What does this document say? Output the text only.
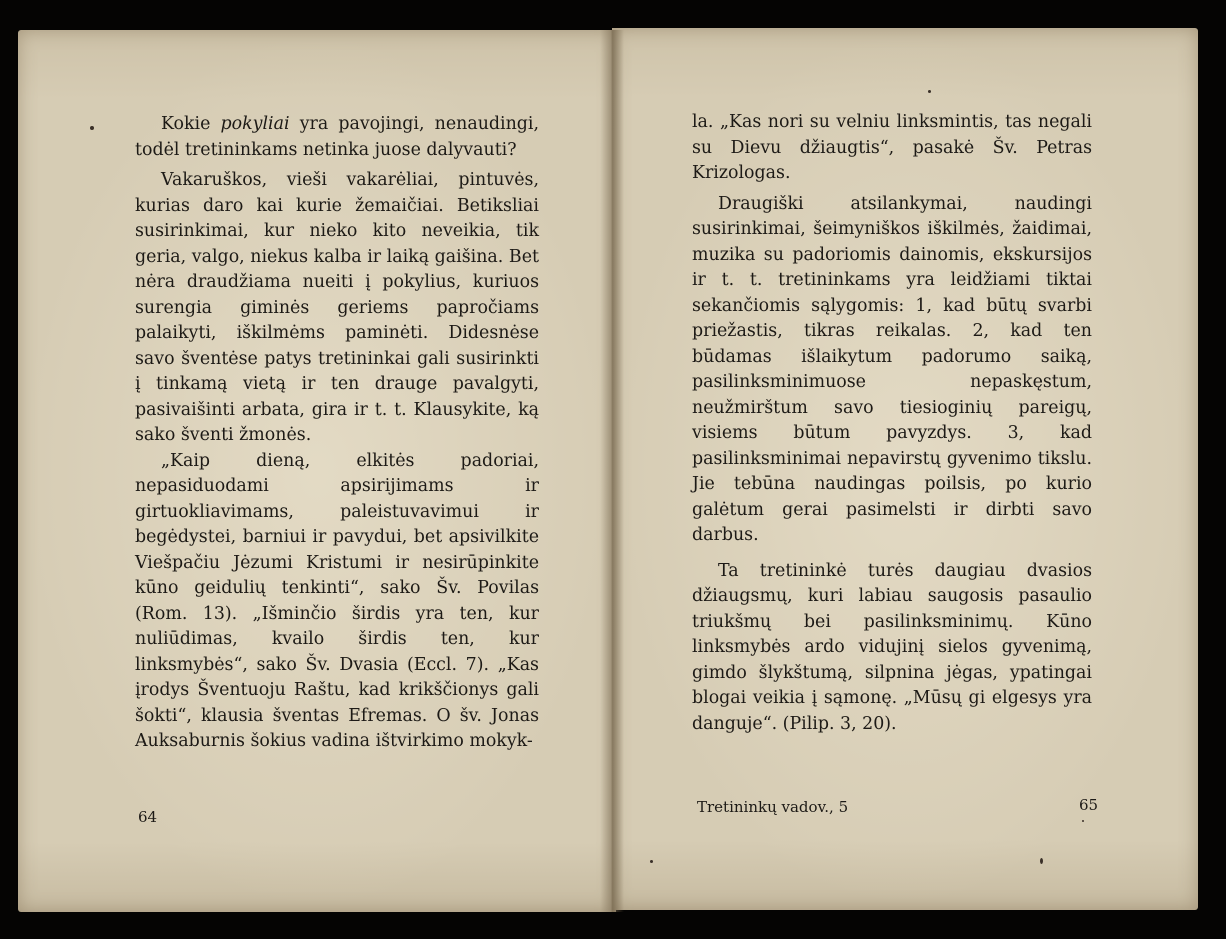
Kokie pokyliai yra pavojingi, nenaudingi, todėl tretininkams netinka juose dalyvauti?

Vakaruškos, vieši vakarėliai, pintuvės, kurias daro kai kurie žemaičiai. Betiksliai susirinkimai, kur nieko kito neveikia, tik geria, valgo, niekus kalba ir laiką gaišina. Bet nėra draudžiama nueiti į pokylius, kuriuos surengia giminės geriems papročiams palaikyti, iškilmėms paminėti. Didesnėse savo šventėse patys tretininkai gali susirinkti į tinkamą vietą ir ten drauge pavalgyti, pasivaišinti arbata, gira ir t. t. Klausykite, ką sako šventi žmonės.

„Kaip dieną, elkitės padoriai, nepasiduodami apsirijimams ir girtuokliavimams, paleistuvavimui ir begėdystei, barniui ir pavydui, bet apsivilkite Viešpačiu Jėzumi Kristumi ir nesirūpinkite kūno geidulių tenkinti“, sako Šv. Povilas (Rom. 13). „Išminčio širdis yra ten, kur nuliūdimas, kvailo širdis ten, kur linksmybės“, sako Šv. Dvasia (Eccl. 7). „Kas įrodys Šventuoju Raštu, kad krikščionys gali šokti“, klausia šventas Efremas. O šv. Jonas Auksaburnis šokius vadina ištvirkimo mokyk-

64

la. „Kas nori su velniu linksmintis, tas negali su Dievu džiaugtis“, pasakė Šv. Petras Krizologas.

Draugiški atsilankymai, naudingi susirinkimai, šeimyniškos iškilmės, žaidimai, muzika su padoriomis dainomis, ekskursijos ir t. t. tretininkams yra leidžiami tiktai sekančiomis sąlygomis: 1, kad būtų svarbi priežastis, tikras reikalas. 2, kad ten būdamas išlaikytum padorumo saiką, pasilinksminimuose nepaskęstum, neužmirštum savo tiesioginių pareigų, visiems būtum pavyzdys. 3, kad pasilinksminimai nepavirstų gyvenimo tikslu. Jie tebūna naudingas poilsis, po kurio galėtum gerai pasimelsti ir dirbti savo darbus.

Ta tretininkė turės daugiau dvasios džiaugsmų, kuri labiau saugosis pasaulio triukšmų bei pasilinksminimų. Kūno linksmybės ardo vidujinį sielos gyvenimą, gimdo šlykštumą, silpnina jėgas, ypatingai blogai veikia į sąmonę. „Mūsų gi elgesys yra danguje“. (Pilip. 3, 20).

Tretininkų vadov., 5	65
